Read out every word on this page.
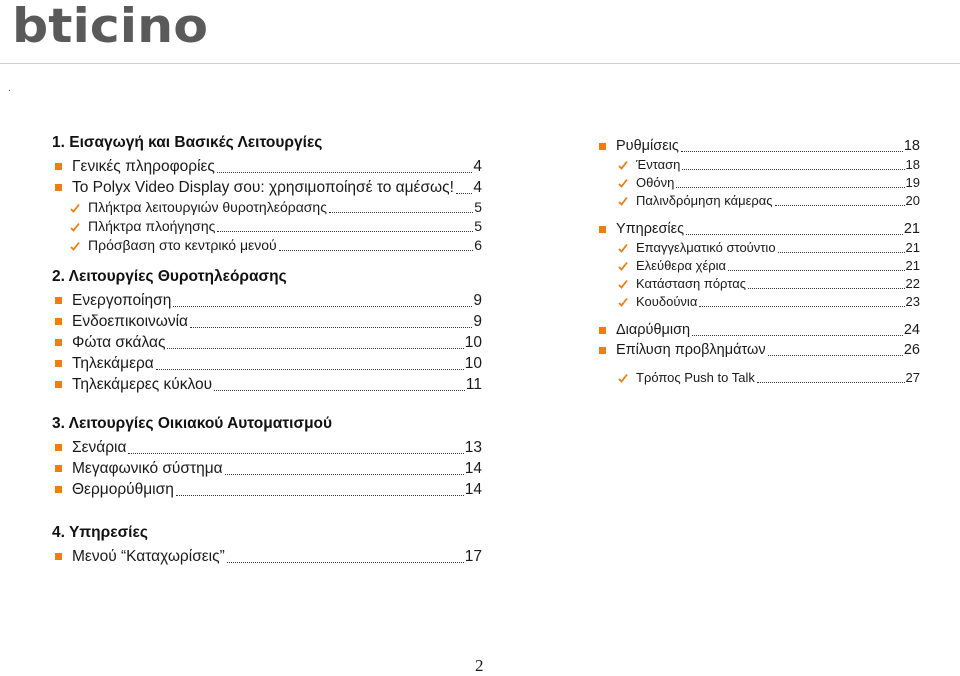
bticino
.
1. Εισαγωγή και Βασικές Λειτουργίες
Γενικές πληροφορίες	4
To Polyx Video Display σου: χρησιμοποίησέ το αμέσως! 4
Πλήκτρα λειτουργιών θυροτηλεόρασης	5
Πλήκτρα πλοήγησης	5
Πρόσβαση στο κεντρικό μενού	6
2. Λειτουργίες Θυροτηλεόρασης
Ενεργοποίηση	9
Ενδοεπικοινωνία	9
Φώτα σκάλας	10
Τηλεκάμερα	10
Τηλεκάμερες κύκλου	11
3. Λειτουργίες Οικιακού Αυτοματισμού
Σενάρια	13
Μεγαφωνικό σύστημα	14
Θερμορύθμιση	14
4. Υπηρεσίες
Μενού “Καταχωρίσεις”	17
Ρυθμίσεις	18
Ένταση	18
Οθόνη	19
Παλινδρόμηση κάμερας	20
Υπηρεσίες	21
Επαγγελματικό στούντιο	21
Ελεύθερα χέρια	21
Κατάσταση πόρτας	22
Κουδούνια	23
Διαρύθμιση	24
Επίλυση προβλημάτων	26
Τρόπος Push to Talk	27
2
